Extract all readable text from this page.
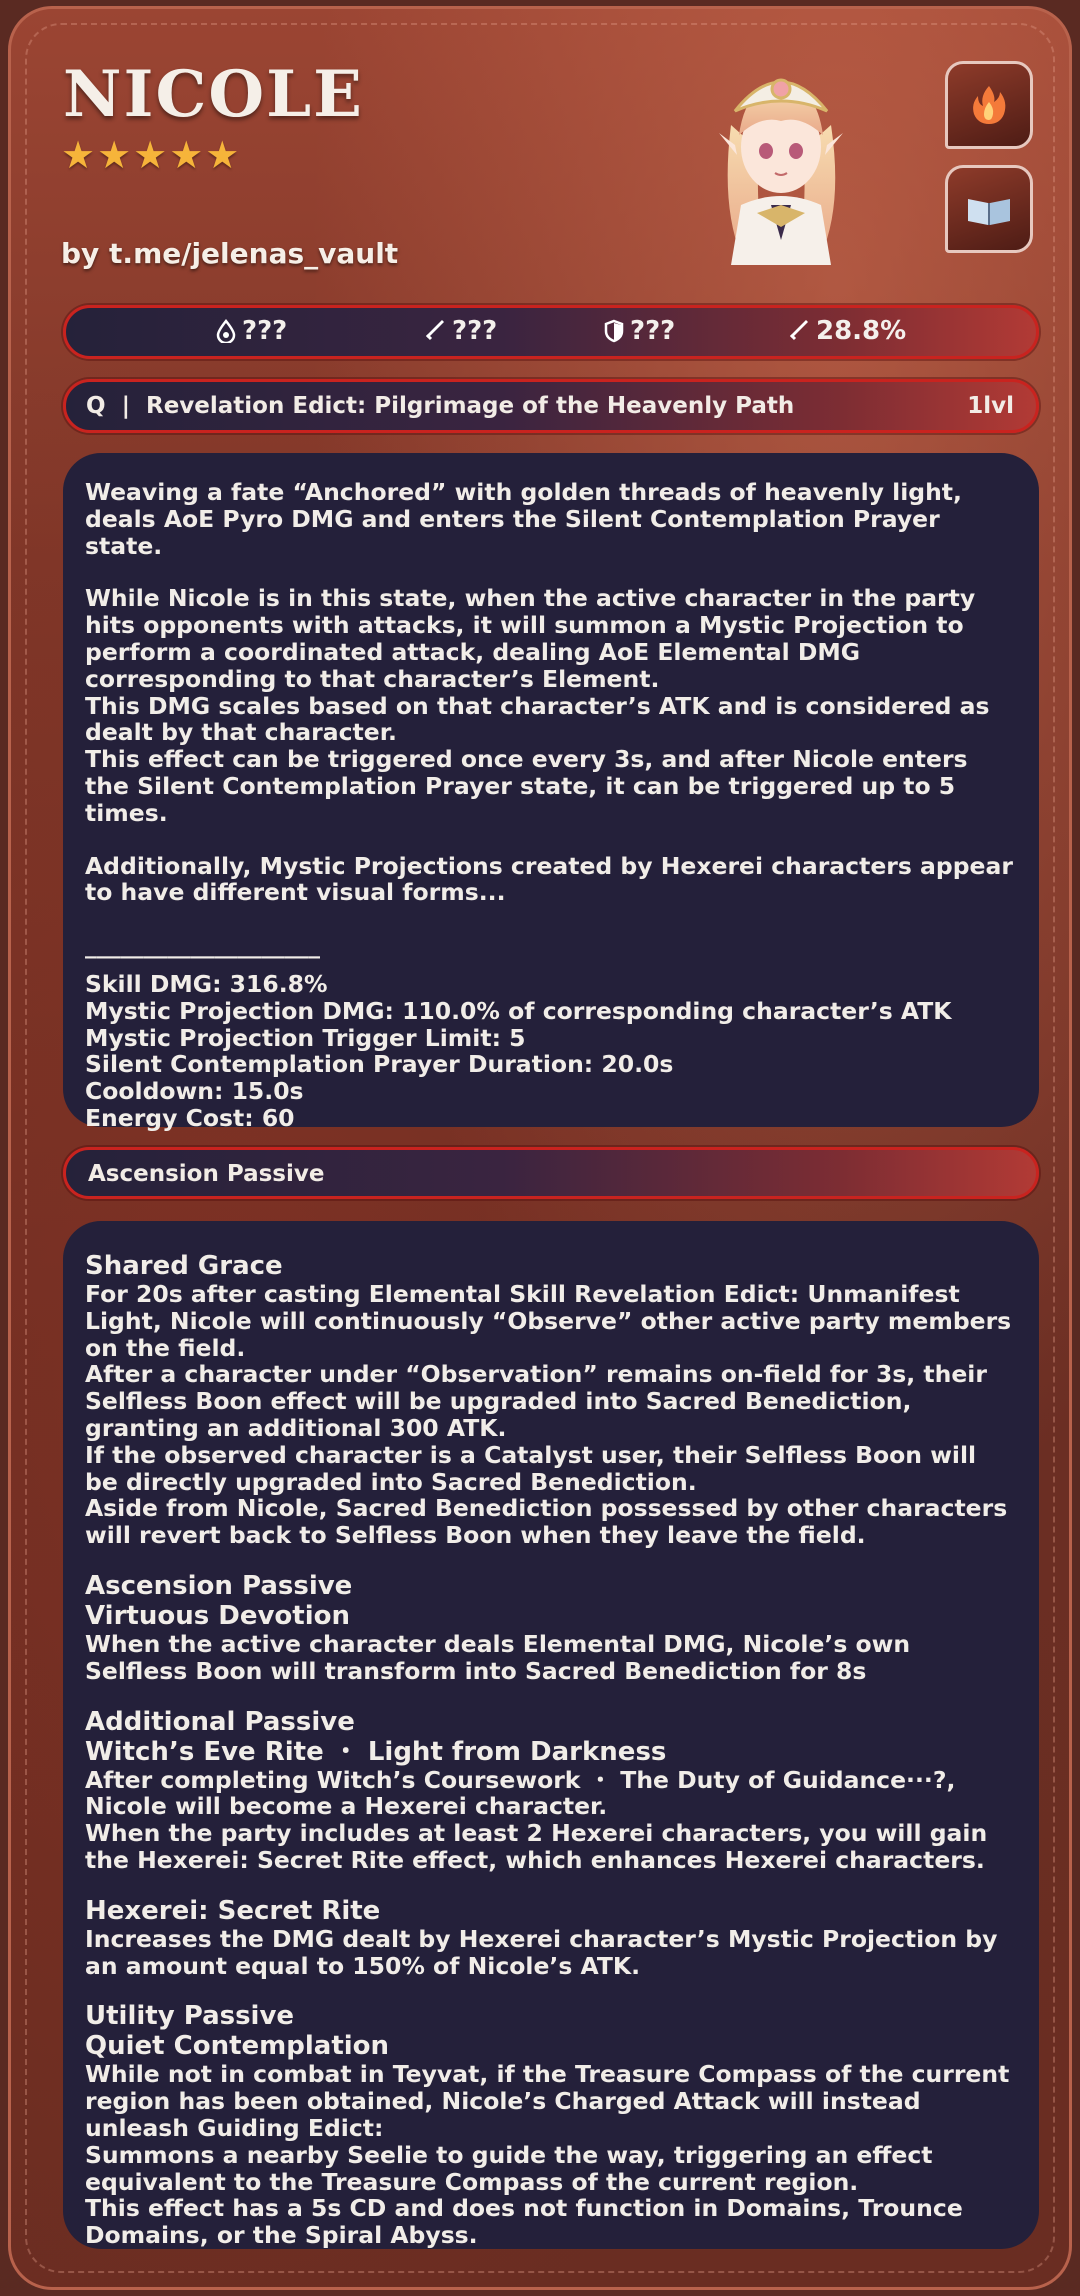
NICOLE
★★★★★
by t.me/jelenas_vault
???	???	???	28.8%
Q | Revelation Edict: Pilgrimage of the Heavenly Path	1lvl

Weaving a fate “Anchored” with golden threads of heavenly light, deals AoE Pyro DMG and enters the Silent Contemplation Prayer state.

While Nicole is in this state, when the active character in the party hits opponents with attacks, it will summon a Mystic Projection to perform a coordinated attack, dealing AoE Elemental DMG corresponding to that character’s Element.

This DMG scales based on that character’s ATK and is considered as dealt by that character.

This effect can be triggered once every 3s, and after Nicole enters the Silent Contemplation Prayer state, it can be triggered up to 5 times.

Additionally, Mystic Projections created by Hexerei characters appear to have different visual forms...

____________________

Skill DMG: 316.8%

Mystic Projection DMG: 110.0% of corresponding character’s ATK

Mystic Projection Trigger Limit: 5

Silent Contemplation Prayer Duration: 20.0s

Cooldown: 15.0s

Energy Cost: 60

Ascension Passive

Shared Grace

For 20s after casting Elemental Skill Revelation Edict: Unmanifest Light, Nicole will continuously “Observe” other active party members on the field.

After a character under “Observation” remains on-field for 3s, their Selfless Boon effect will be upgraded into Sacred Benediction, granting an additional 300 ATK.

If the observed character is a Catalyst user, their Selfless Boon will be directly upgraded into Sacred Benediction.

Aside from Nicole, Sacred Benediction possessed by other characters will revert back to Selfless Boon when they leave the field.

Ascension Passive

Virtuous Devotion

When the active character deals Elemental DMG, Nicole’s own Selfless Boon will transform into Sacred Benediction for 8s

Additional Passive

Witch’s Eve Rite ・ Light from Darkness

After completing Witch’s Coursework ・ The Duty of Guidance···?, Nicole will become a Hexerei character.

When the party includes at least 2 Hexerei characters, you will gain the Hexerei: Secret Rite effect, which enhances Hexerei characters.

Hexerei: Secret Rite

Increases the DMG dealt by Hexerei character’s Mystic Projection by an amount equal to 150% of Nicole’s ATK.

Utility Passive

Quiet Contemplation

While not in combat in Teyvat, if the Treasure Compass of the current region has been obtained, Nicole’s Charged Attack will instead unleash Guiding Edict:

Summons a nearby Seelie to guide the way, triggering an effect equivalent to the Treasure Compass of the current region.

This effect has a 5s CD and does not function in Domains, Trounce Domains, or the Spiral Abyss.
